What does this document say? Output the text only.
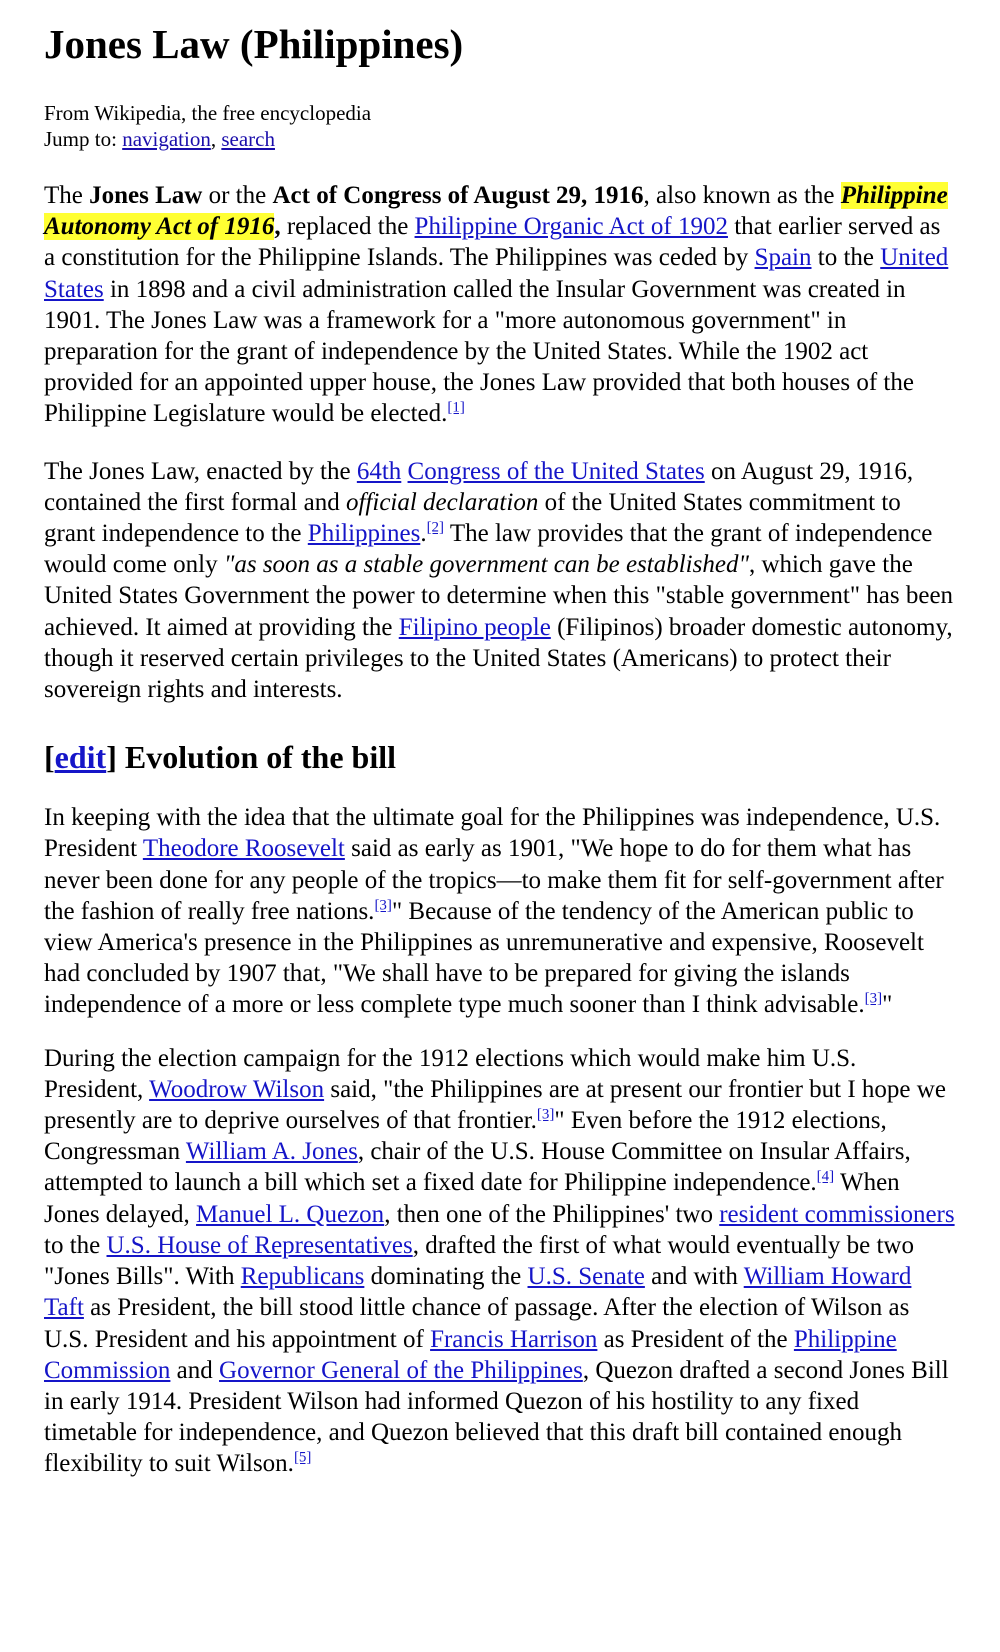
Jones Law (Philippines)
From Wikipedia, the free encyclopedia
Jump to: navigation, search

The Jones Law or the Act of Congress of August 29, 1916, also known as the Philippine Autonomy Act of 1916, replaced the Philippine Organic Act of 1902 that earlier served as a constitution for the Philippine Islands. The Philippines was ceded by Spain to the United States in 1898 and a civil administration called the Insular Government was created in 1901. The Jones Law was a framework for a "more autonomous government" in preparation for the grant of independence by the United States. While the 1902 act provided for an appointed upper house, the Jones Law provided that both houses of the Philippine Legislature would be elected.[1]

The Jones Law, enacted by the 64th Congress of the United States on August 29, 1916, contained the first formal and official declaration of the United States commitment to grant independence to the Philippines.[2] The law provides that the grant of independence would come only "as soon as a stable government can be established", which gave the United States Government the power to determine when this "stable government" has been achieved. It aimed at providing the Filipino people (Filipinos) broader domestic autonomy, though it reserved certain privileges to the United States (Americans) to protect their sovereign rights and interests.

[edit] Evolution of the bill

In keeping with the idea that the ultimate goal for the Philippines was independence, U.S. President Theodore Roosevelt said as early as 1901, "We hope to do for them what has never been done for any people of the tropics—to make them fit for self-government after the fashion of really free nations.[3]" Because of the tendency of the American public to view America's presence in the Philippines as unremunerative and expensive, Roosevelt had concluded by 1907 that, "We shall have to be prepared for giving the islands independence of a more or less complete type much sooner than I think advisable.[3]"

During the election campaign for the 1912 elections which would make him U.S. President, Woodrow Wilson said, "the Philippines are at present our frontier but I hope we presently are to deprive ourselves of that frontier.[3]" Even before the 1912 elections, Congressman William A. Jones, chair of the U.S. House Committee on Insular Affairs, attempted to launch a bill which set a fixed date for Philippine independence.[4] When Jones delayed, Manuel L. Quezon, then one of the Philippines' two resident commissioners to the U.S. House of Representatives, drafted the first of what would eventually be two "Jones Bills". With Republicans dominating the U.S. Senate and with William Howard Taft as President, the bill stood little chance of passage. After the election of Wilson as U.S. President and his appointment of Francis Harrison as President of the Philippine Commission and Governor General of the Philippines, Quezon drafted a second Jones Bill in early 1914. President Wilson had informed Quezon of his hostility to any fixed timetable for independence, and Quezon believed that this draft bill contained enough flexibility to suit Wilson.[5]
